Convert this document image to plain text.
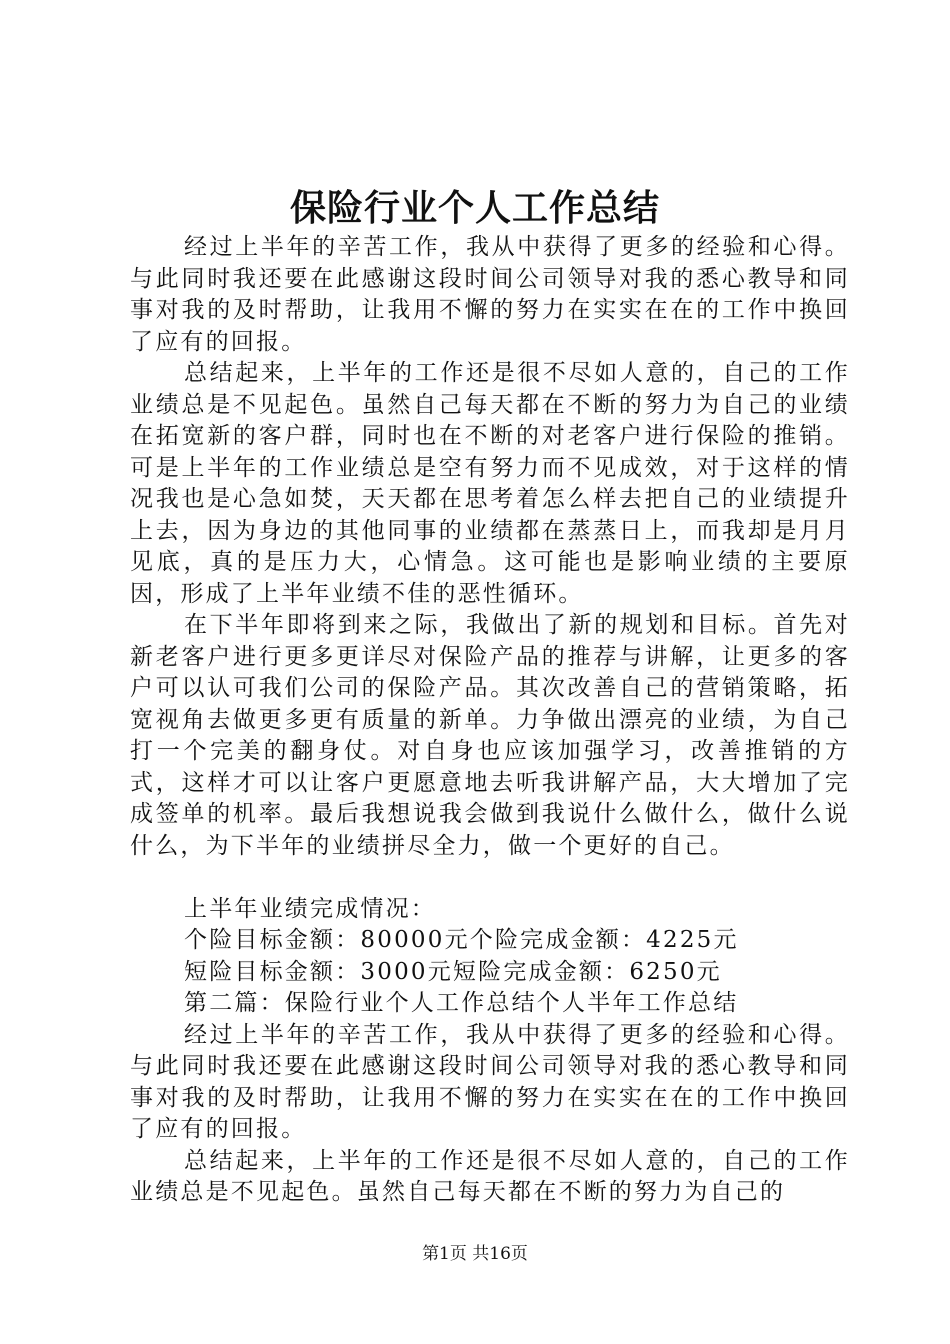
保险行业个人工作总结

经过上半年的辛苦工作，我从中获得了更多的经验和心得。与此同时我还要在此感谢这段时间公司领导对我的悉心教导和同事对我的及时帮助，让我用不懈的努力在实实在在的工作中换回了应有的回报。

总结起来，上半年的工作还是很不尽如人意的，自己的工作业绩总是不见起色。虽然自己每天都在不断的努力为自己的业绩在拓宽新的客户群，同时也在不断的对老客户进行保险的推销。可是上半年的工作业绩总是空有努力而不见成效，对于这样的情况我也是心急如焚，天天都在思考着怎么样去把自己的业绩提升上去，因为身边的其他同事的业绩都在蒸蒸日上，而我却是月月见底，真的是压力大，心情急。这可能也是影响业绩的主要原因，形成了上半年业绩不佳的恶性循环。

在下半年即将到来之际，我做出了新的规划和目标。首先对新老客户进行更多更详尽对保险产品的推荐与讲解，让更多的客户可以认可我们公司的保险产品。其次改善自己的营销策略，拓宽视角去做更多更有质量的新单。力争做出漂亮的业绩，为自己打一个完美的翻身仗。对自身也应该加强学习，改善推销的方式，这样才可以让客户更愿意地去听我讲解产品，大大增加了完成签单的机率。最后我想说我会做到我说什么做什么，做什么说什么，为下半年的业绩拼尽全力，做一个更好的自己。

上半年业绩完成情况：

个险目标金额：80000元个险完成金额：4225元

短险目标金额：3000元短险完成金额：6250元

第二篇：保险行业个人工作总结个人半年工作总结

经过上半年的辛苦工作，我从中获得了更多的经验和心得。与此同时我还要在此感谢这段时间公司领导对我的悉心教导和同事对我的及时帮助，让我用不懈的努力在实实在在的工作中换回了应有的回报。

总结起来，上半年的工作还是很不尽如人意的，自己的工作业绩总是不见起色。虽然自己每天都在不断的努力为自己的

第1页 共16页
